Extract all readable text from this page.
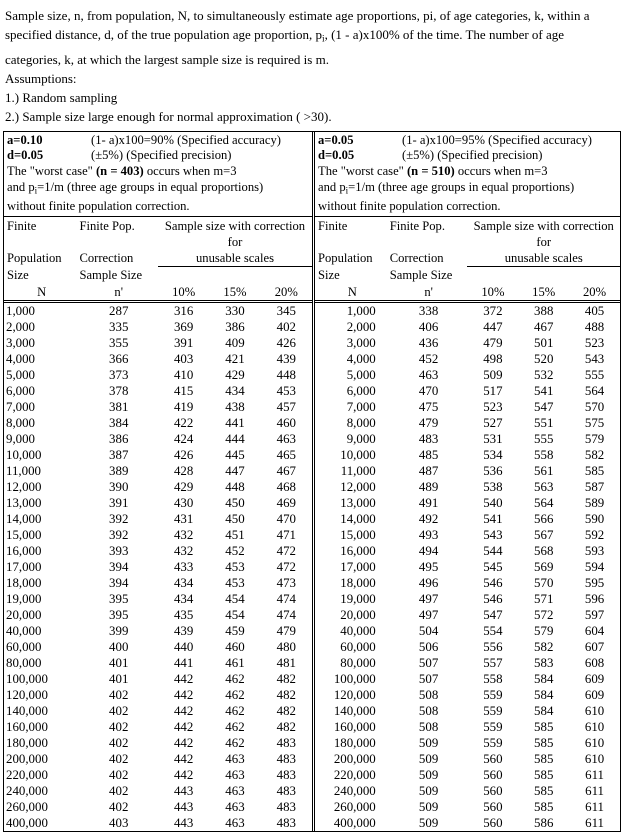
Sample size, n, from population, N, to simultaneously estimate age proportions, pi, of age categories, k, within a specified distance, d, of the true population age proportion, $p_i$, (1 - a)x100% of the time. The number of age categories, k, at which the largest sample size is required is m.

Assumptions:

1.) Random sampling

2.) Sample size large enough for normal approximation ( >30).

a=0.10	(1- a)x100=90% (Specified accuracy)
d=0.05	(±5%) (Specified precision)
The "worst case" (n = 403) occurs when m=3
and $p_i=1/m$ (three age groups in equal proportions)
without finite population correction.
Finite	Finite Pop.	Sample size with correction for
Population	Correction	unusable scales
Size	Sample Size

N	n'	10%	15%	20%
1,000	287	316	330	345
2,000	335	369	386	402
3,000	355	391	409	426
4,000	366	403	421	439
5,000	373	410	429	448
6,000	378	415	434	453
7,000	381	419	438	457
8,000	384	422	441	460
9,000	386	424	444	463
10,000	387	426	445	465
11,000	389	428	447	467
12,000	390	429	448	468
13,000	391	430	450	469
14,000	392	431	450	470
15,000	392	432	451	471
16,000	393	432	452	472
17,000	394	433	453	472
18,000	394	434	453	473
19,000	395	434	454	474
20,000	395	435	454	474
40,000	399	439	459	479
60,000	400	440	460	480
80,000	401	441	461	481
100,000	401	442	462	482
120,000	402	442	462	482
140,000	402	442	462	482
160,000	402	442	462	482
180,000	402	442	462	483
200,000	402	442	463	483
220,000	402	442	463	483
240,000	402	443	463	483
260,000	402	443	463	483
400,000	403	443	463	483
a=0.05	(1- a)x100=95% (Specified accuracy)
d=0.05	(±5%) (Specified precision)
The "worst case" (n = 510) occurs when m=3
and $p_i=1/m$ (three age groups in equal proportions)
without finite population correction.
Finite	Finite Pop.	Sample size with correction for
Population	Correction	unusable scales
Size	Sample Size

N	n'	10%	15%	20%
1,000	338	372	388	405
2,000	406	447	467	488
3,000	436	479	501	523
4,000	452	498	520	543
5,000	463	509	532	555
6,000	470	517	541	564
7,000	475	523	547	570
8,000	479	527	551	575
9,000	483	531	555	579
10,000	485	534	558	582
11,000	487	536	561	585
12,000	489	538	563	587
13,000	491	540	564	589
14,000	492	541	566	590
15,000	493	543	567	592
16,000	494	544	568	593
17,000	495	545	569	594
18,000	496	546	570	595
19,000	497	546	571	596
20,000	497	547	572	597
40,000	504	554	579	604
60,000	506	556	582	607
80,000	507	557	583	608
100,000	507	558	584	609
120,000	508	559	584	609
140,000	508	559	584	610
160,000	508	559	585	610
180,000	509	559	585	610
200,000	509	560	585	610
220,000	509	560	585	611
240,000	509	560	585	611
260,000	509	560	585	611
400,000	509	560	586	611
